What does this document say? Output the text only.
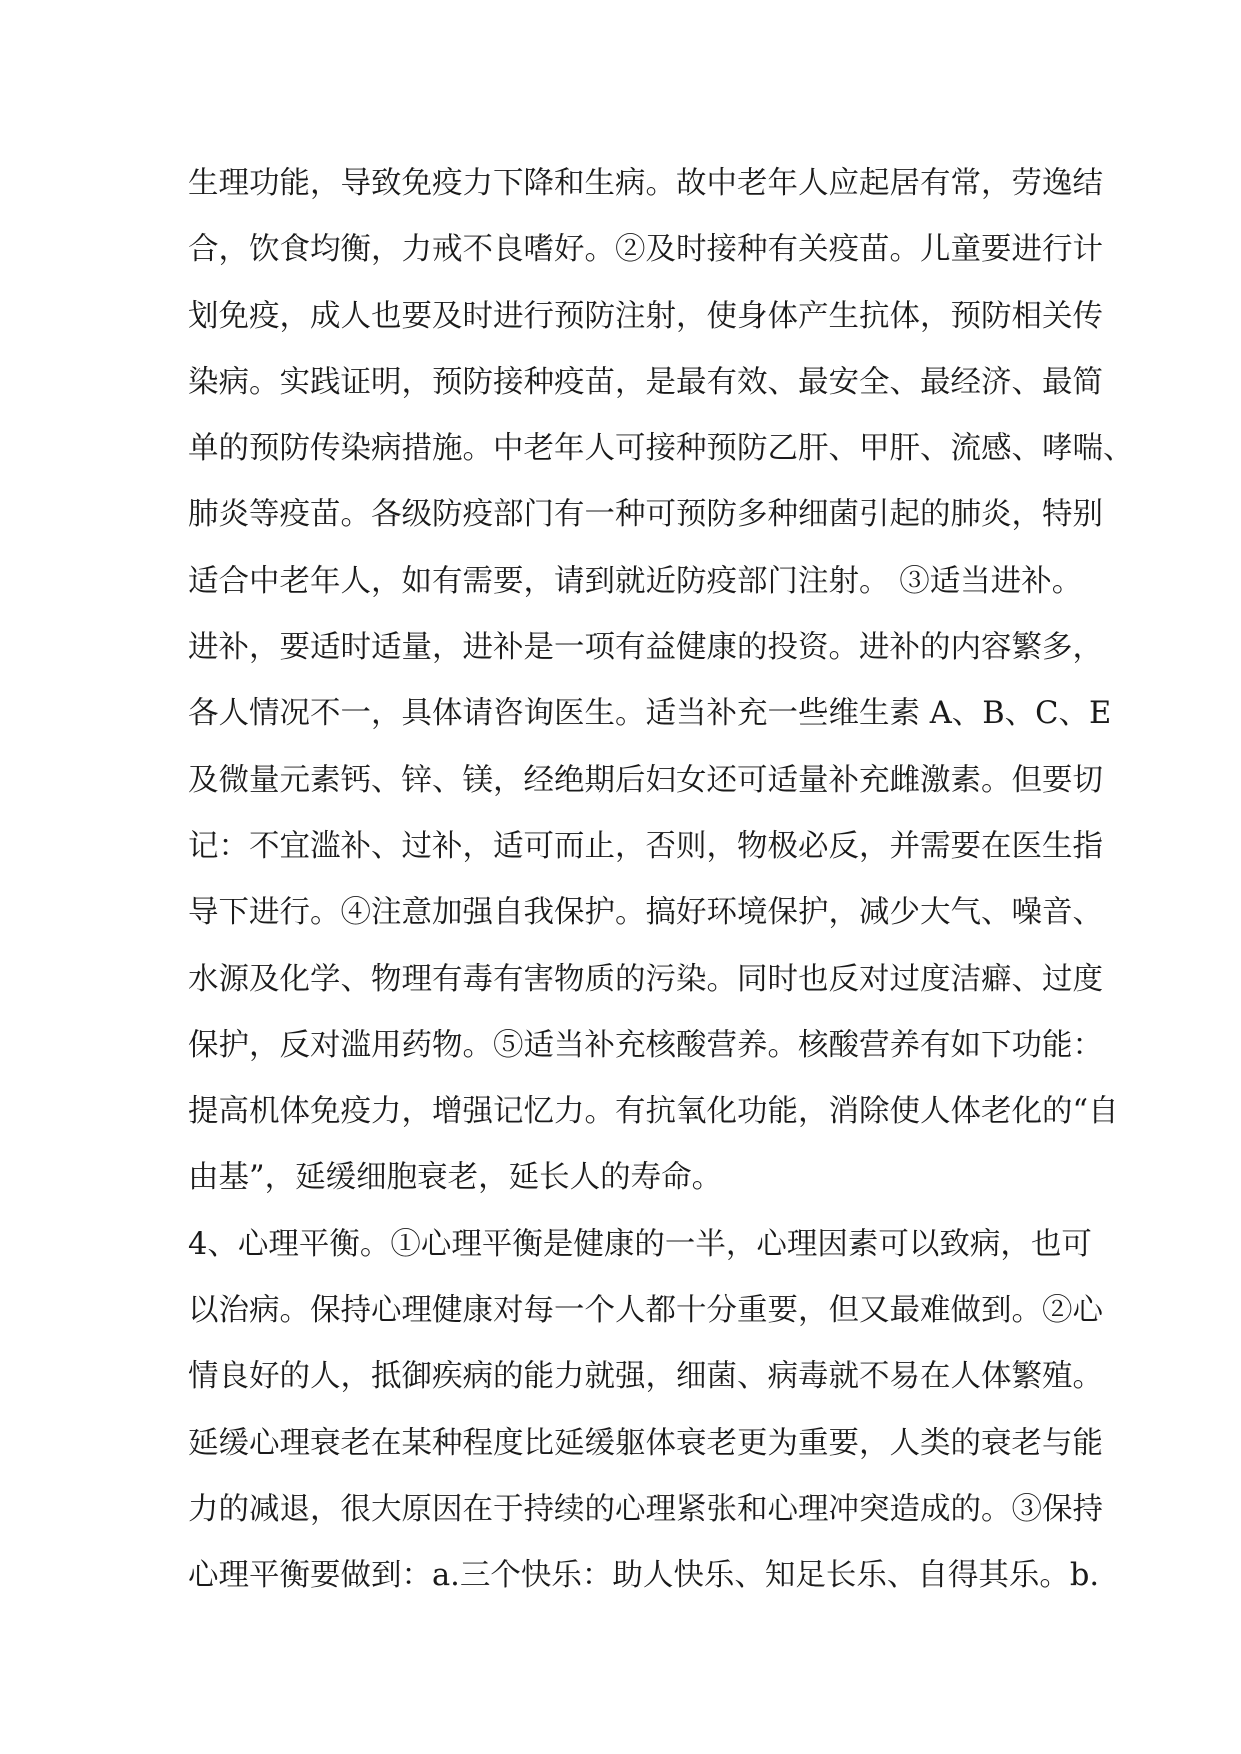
生理功能，导致免疫力下降和生病。故中老年人应起居有常，劳逸结
合，饮食均衡，力戒不良嗜好。②及时接种有关疫苗。儿童要进行计
划免疫，成人也要及时进行预防注射，使身体产生抗体，预防相关传
染病。实践证明，预防接种疫苗，是最有效、最安全、最经济、最简
单的预防传染病措施。中老年人可接种预防乙肝、甲肝、流感、哮喘、
肺炎等疫苗。各级防疫部门有一种可预防多种细菌引起的肺炎，特别
适合中老年人，如有需要，请到就近防疫部门注射。 ③适当进补。
进补，要适时适量，进补是一项有益健康的投资。进补的内容繁多，
各人情况不一，具体请咨询医生。适当补充一些维生素 A、B、C、E
及微量元素钙、锌、镁，经绝期后妇女还可适量补充雌激素。但要切
记：不宜滥补、过补，适可而止，否则，物极必反，并需要在医生指
导下进行。④注意加强自我保护。搞好环境保护，减少大气、噪音、
水源及化学、物理有毒有害物质的污染。同时也反对过度洁癖、过度
保护，反对滥用药物。⑤适当补充核酸营养。核酸营养有如下功能：
提高机体免疫力，增强记忆力。有抗氧化功能，消除使人体老化的“自
由基”，延缓细胞衰老，延长人的寿命。
4、心理平衡。①心理平衡是健康的一半，心理因素可以致病，也可
以治病。保持心理健康对每一个人都十分重要，但又最难做到。②心
情良好的人，抵御疾病的能力就强，细菌、病毒就不易在人体繁殖。
延缓心理衰老在某种程度比延缓躯体衰老更为重要，人类的衰老与能
力的减退，很大原因在于持续的心理紧张和心理冲突造成的。③保持
心理平衡要做到：a.三个快乐：助人快乐、知足长乐、自得其乐。b.
